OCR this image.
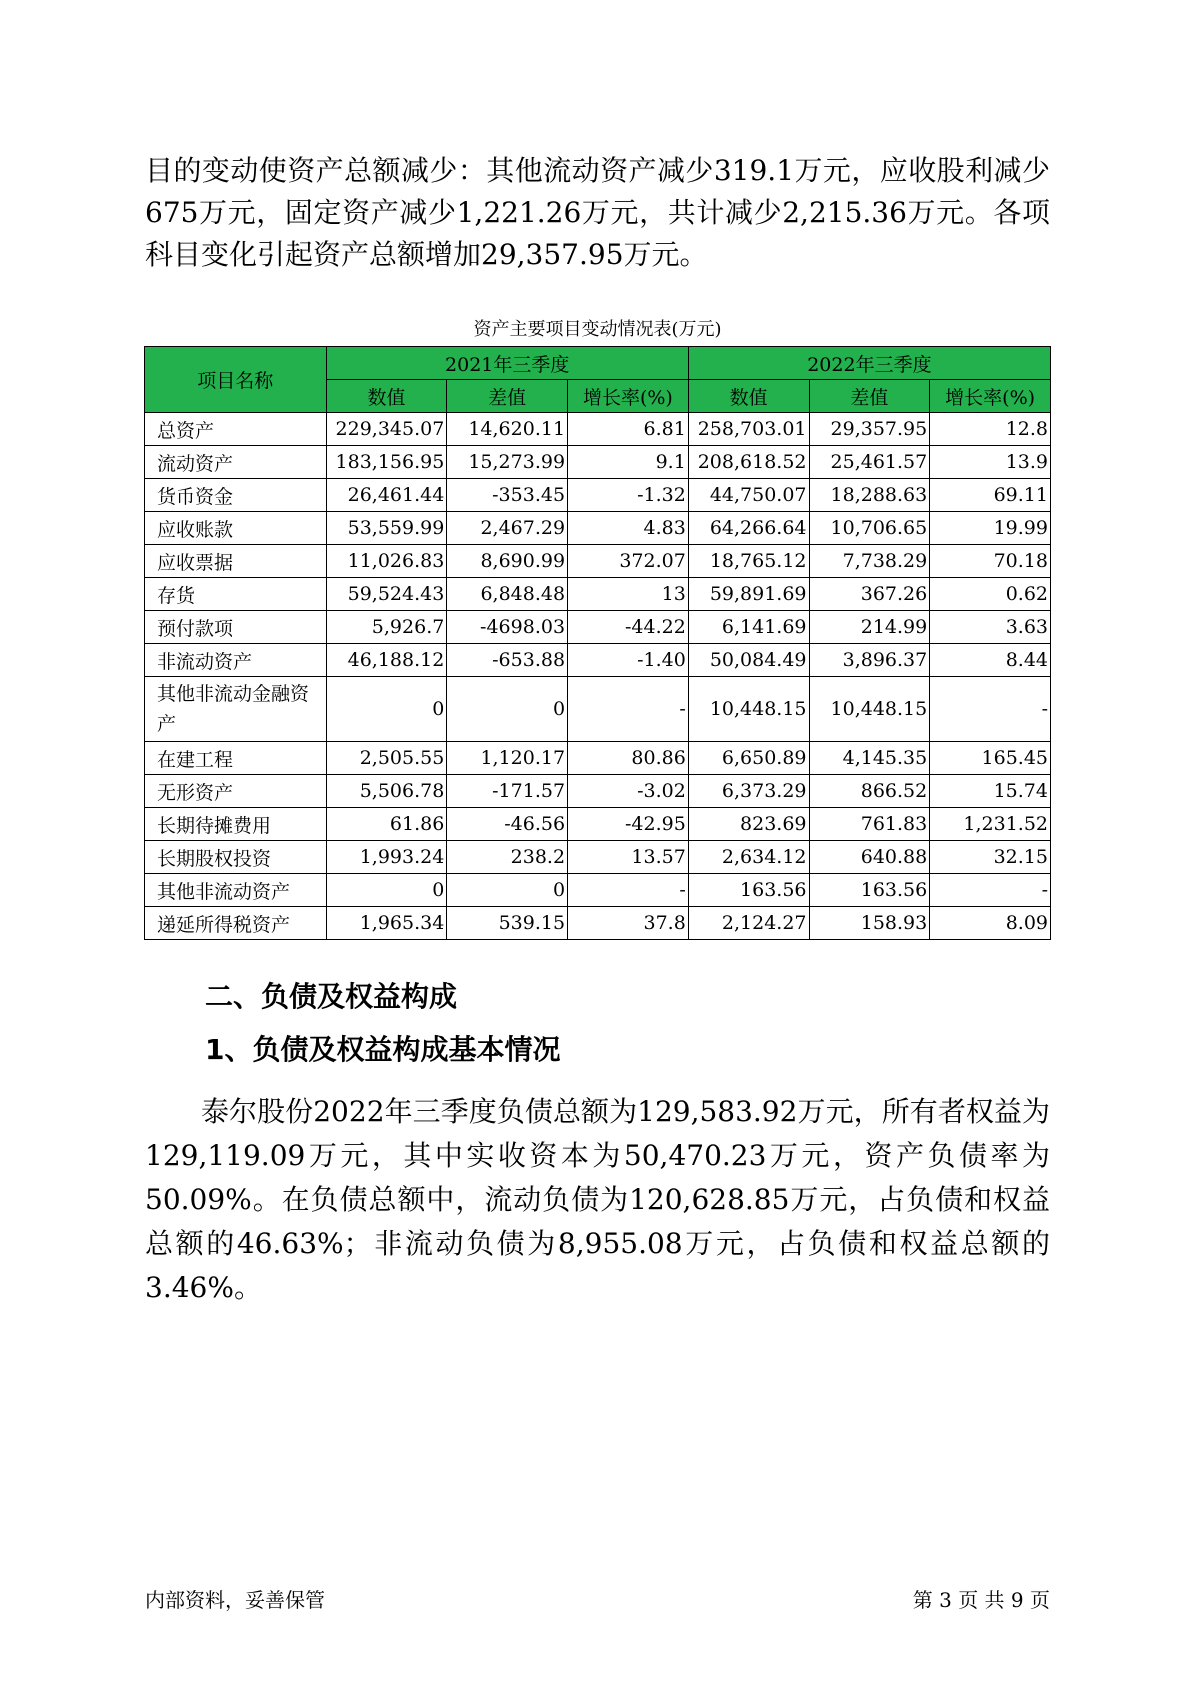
目的变动使资产总额减少：其他流动资产减少319.1万元，应收股利减少675万元，固定资产减少1,221.26万元，共计减少2,215.36万元。各项科目变化引起资产总额增加29,357.95万元。

资产主要项目变动情况表(万元)
项目名称	2021年三季度			2022年三季度		
	数值	差值	增长率(%)	数值	差值	增长率(%)
总资产	229,345.07	14,620.11	6.81	258,703.01	29,357.95	12.8
流动资产	183,156.95	15,273.99	9.1	208,618.52	25,461.57	13.9
货币资金	26,461.44	-353.45	-1.32	44,750.07	18,288.63	69.11
应收账款	53,559.99	2,467.29	4.83	64,266.64	10,706.65	19.99
应收票据	11,026.83	8,690.99	372.07	18,765.12	7,738.29	70.18
存货	59,524.43	6,848.48	13	59,891.69	367.26	0.62
预付款项	5,926.7	-4698.03	-44.22	6,141.69	214.99	3.63
非流动资产	46,188.12	-653.88	-1.40	50,084.49	3,896.37	8.44
其他非流动金融资产	0	0	-	10,448.15	10,448.15	-
在建工程	2,505.55	1,120.17	80.86	6,650.89	4,145.35	165.45
无形资产	5,506.78	-171.57	-3.02	6,373.29	866.52	15.74
长期待摊费用	61.86	-46.56	-42.95	823.69	761.83	1,231.52
长期股权投资	1,993.24	238.2	13.57	2,634.12	640.88	32.15
其他非流动资产	0	0	-	163.56	163.56	-
递延所得税资产	1,965.34	539.15	37.8	2,124.27	158.93	8.09
二、负债及权益构成
1、负债及权益构成基本情况

泰尔股份2022年三季度负债总额为129,583.92万元，所有者权益为129,119.09万元，其中实收资本为50,470.23万元，资产负债率为50.09%。在负债总额中，流动负债为120,628.85万元，占负债和权益总额的46.63%；非流动负债为8,955.08万元，占负债和权益总额的3.46%。

内部资料，妥善保管	第 3 页 共 9 页
